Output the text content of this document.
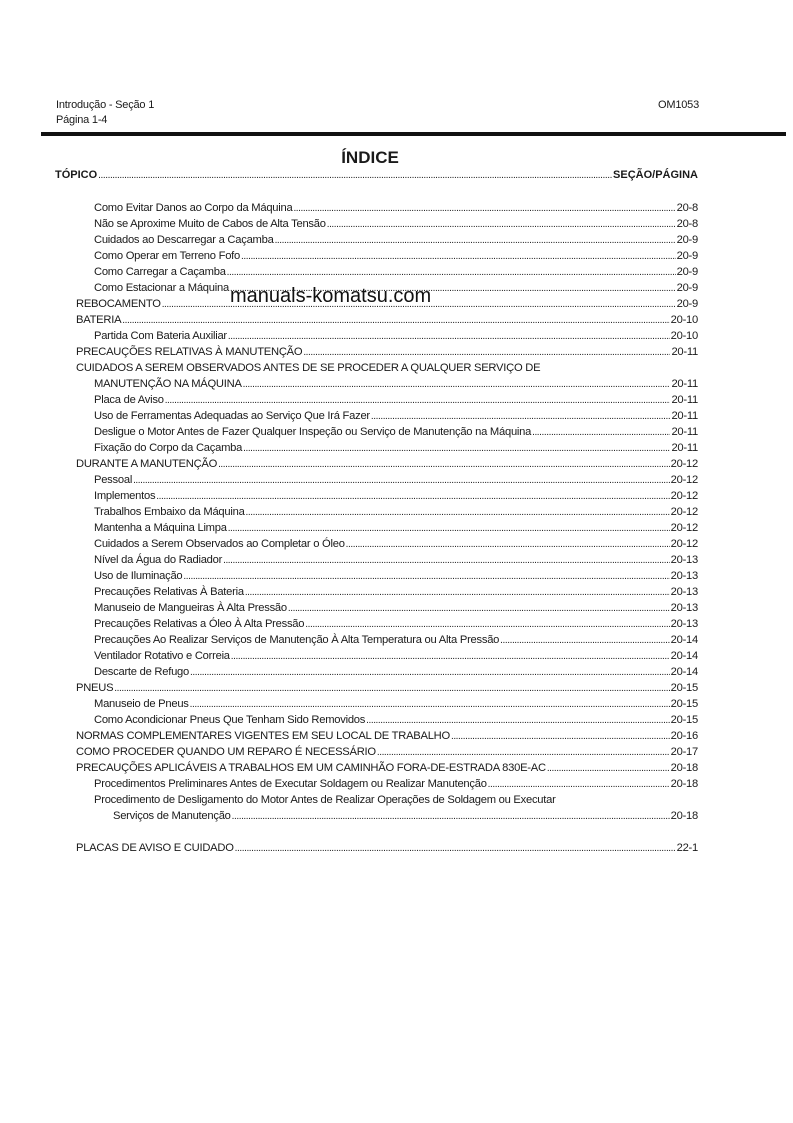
Introdução - Seção 1
Página 1-4
OM1053
ÍNDICE
TÓPICO . . .	SEÇÃO/PÁGINA
Como Evitar Danos ao Corpo da Máquina . . .	20-8
Não se Aproxime Muito de Cabos de Alta Tensão . . .	20-8
Cuidados ao Descarregar a Caçamba . . .	20-9
Como Operar em Terreno Fofo . . .	20-9
Como Carregar a Caçamba . . .	20-9
Como Estacionar a Máquina . . .	20-9
REBOCAMENTO . . .	20-9
BATERIA . . .	20-10
Partida Com Bateria Auxiliar . . .	20-10
PRECAUÇÕES RELATIVAS À MANUTENÇÃO . . .	20-11
CUIDADOS A SEREM OBSERVADOS ANTES DE SE PROCEDER A QUALQUER SERVIÇO DE
MANUTENÇÃO NA MÁQUINA . . .	20-11
Placa de Aviso . . .	20-11
Uso de Ferramentas Adequadas ao Serviço Que Irá Fazer . . .	20-11
Desligue o Motor Antes de Fazer Qualquer Inspeção ou Serviço de Manutenção na Máquina . . .	20-11
Fixação do Corpo da Caçamba . . .	20-11
DURANTE A MANUTENÇÃO . . .	20-12
Pessoal . . .	20-12
Implementos . . .	20-12
Trabalhos Embaixo da Máquina . . .	20-12
Mantenha a Máquina Limpa . . .	20-12
Cuidados a Serem Observados ao Completar o Óleo . . .	20-12
Nível da Água do Radiador . . .	20-13
Uso de Iluminação . . .	20-13
Precauções Relativas À Bateria . . .	20-13
Manuseio de Mangueiras À Alta Pressão . . .	20-13
Precauções Relativas a Óleo À Alta Pressão . . .	20-13
Precauções Ao Realizar Serviços de Manutenção À Alta Temperatura ou Alta Pressão . . .	20-14
Ventilador Rotativo e Correia . . .	20-14
Descarte de Refugo . . .	20-14
PNEUS . . .	20-15
Manuseio de Pneus . . .	20-15
Como Acondicionar Pneus Que Tenham Sido Removidos . . .	20-15
NORMAS COMPLEMENTARES VIGENTES EM SEU LOCAL DE TRABALHO . . .	20-16
COMO PROCEDER QUANDO UM REPARO É NECESSÁRIO . . .	20-17
PRECAUÇÕES APLICÁVEIS A TRABALHOS EM UM CAMINHÃO FORA-DE-ESTRADA 830E-AC . . .	20-18
Procedimentos Preliminares Antes de Executar Soldagem ou Realizar Manutenção . . .	20-18
Procedimento de Desligamento do Motor Antes de Realizar Operações de Soldagem ou Executar
Serviços de Manutenção . . .	20-18
PLACAS DE AVISO E CUIDADO . . .	22-1
manuals-komatsu.com
